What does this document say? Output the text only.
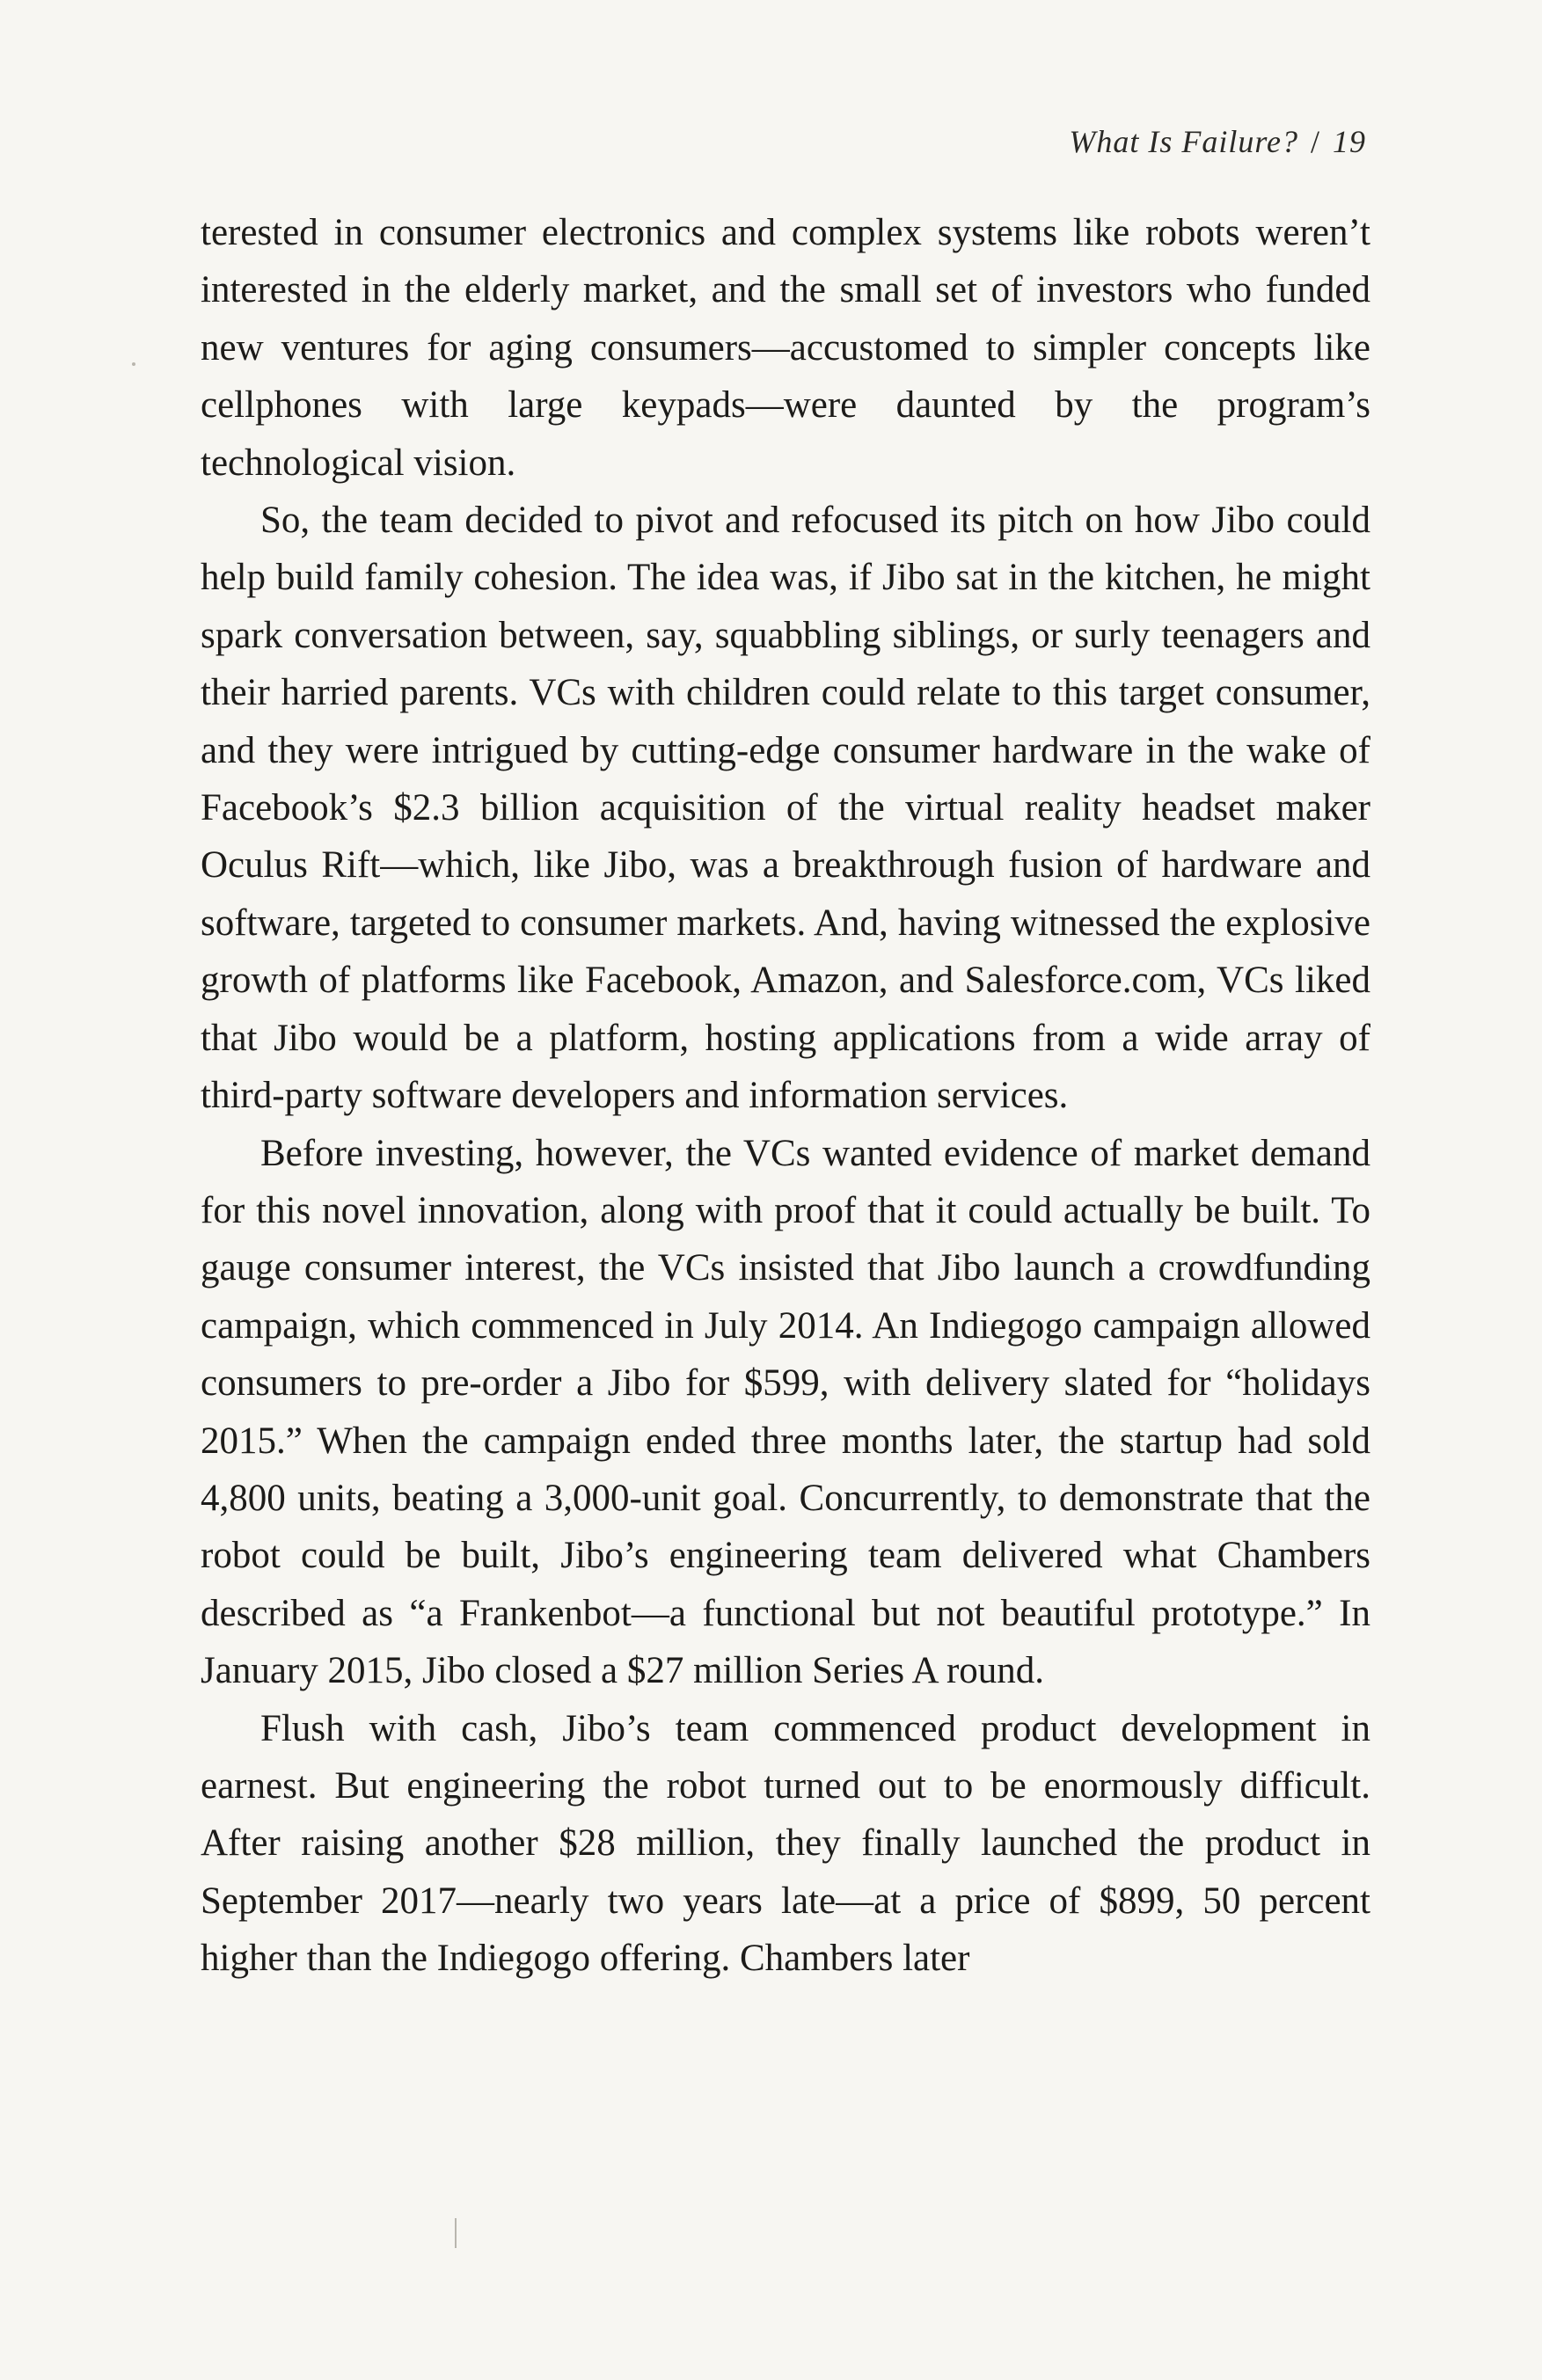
What Is Failure? / 19

terested in consumer electronics and complex systems like robots weren’t interested in the elderly market, and the small set of investors who funded new ventures for aging consumers—accustomed to simpler concepts like cellphones with large keypads—were daunted by the program’s technological vision.

So, the team decided to pivot and refocused its pitch on how Jibo could help build family cohesion. The idea was, if Jibo sat in the kitchen, he might spark conversation between, say, squabbling siblings, or surly teenagers and their harried parents. VCs with children could relate to this target consumer, and they were intrigued by cutting-edge consumer hardware in the wake of Facebook’s $2.3 billion acquisition of the virtual reality headset maker Oculus Rift—which, like Jibo, was a breakthrough fusion of hardware and software, targeted to consumer markets. And, having witnessed the explosive growth of platforms like Facebook, Amazon, and Salesforce.com, VCs liked that Jibo would be a platform, hosting applications from a wide array of third-party software developers and information services.

Before investing, however, the VCs wanted evidence of market demand for this novel innovation, along with proof that it could actually be built. To gauge consumer interest, the VCs insisted that Jibo launch a crowdfunding campaign, which commenced in July 2014. An Indiegogo campaign allowed consumers to pre-order a Jibo for $599, with delivery slated for “holidays 2015.” When the campaign ended three months later, the startup had sold 4,800 units, beating a 3,000-unit goal. Concurrently, to demonstrate that the robot could be built, Jibo’s engineering team delivered what Chambers described as “a Frankenbot—a functional but not beautiful prototype.” In January 2015, Jibo closed a $27 million Series A round.

Flush with cash, Jibo’s team commenced product development in earnest. But engineering the robot turned out to be enormously difficult. After raising another $28 million, they finally launched the product in September 2017—nearly two years late—at a price of $899, 50 percent higher than the Indiegogo offering. Chambers later
